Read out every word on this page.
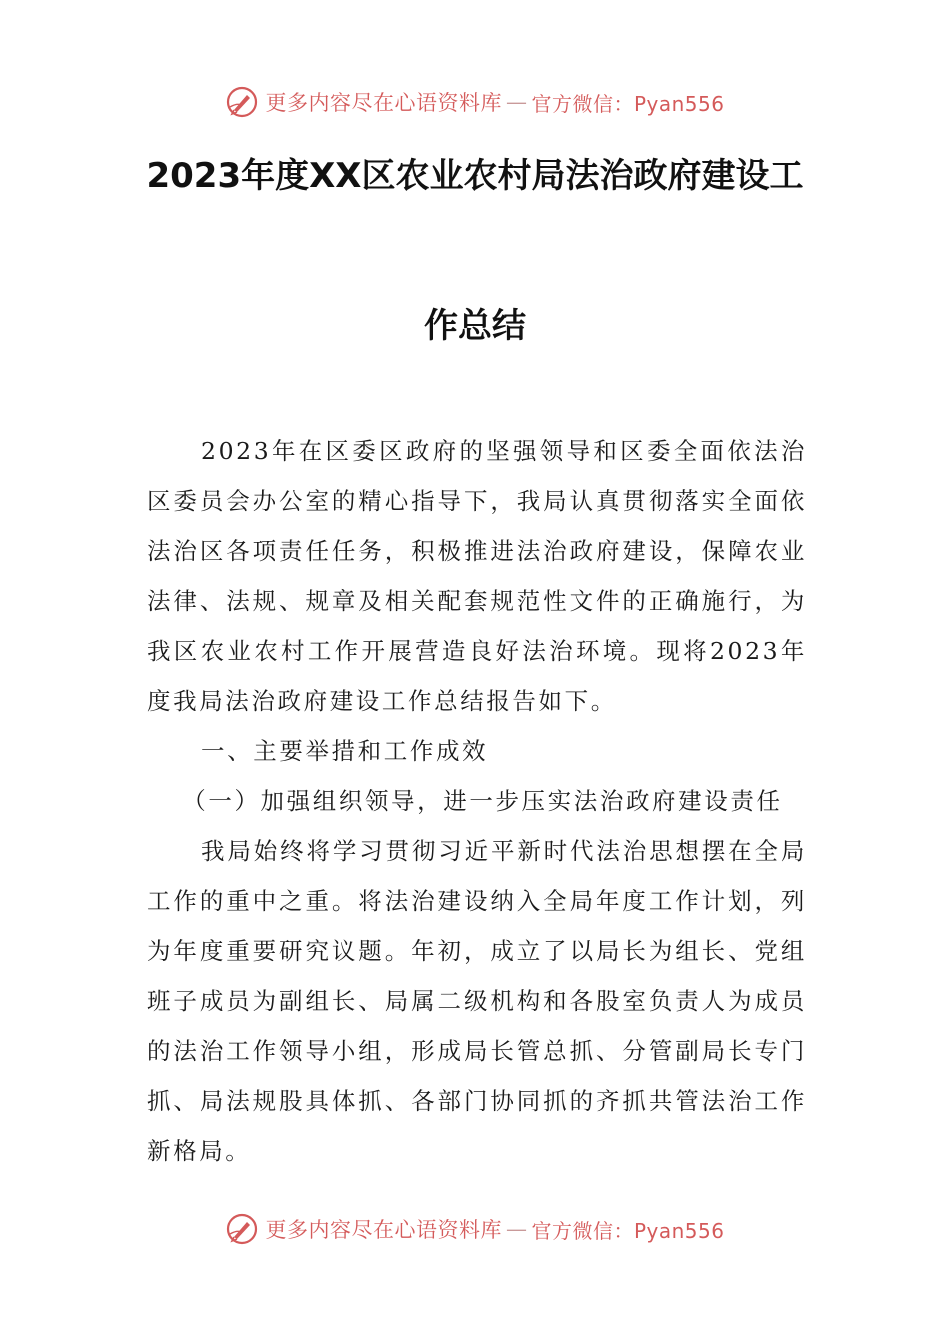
更多内容尽在心语资料库 — 官方微信：Pyan556
2023年度XX区农业农村局法治政府建设工
作总结

2023年在区委区政府的坚强领导和区委全面依法治区委员会办公室的精心指导下，我局认真贯彻落实全面依法治区各项责任任务，积极推进法治政府建设，保障农业法律、法规、规章及相关配套规范性文件的正确施行，为我区农业农村工作开展营造良好法治环境。现将2023年度我局法治政府建设工作总结报告如下。

一、主要举措和工作成效

（一）加强组织领导，进一步压实法治政府建设责任

我局始终将学习贯彻习近平新时代法治思想摆在全局工作的重中之重。将法治建设纳入全局年度工作计划，列为年度重要研究议题。年初，成立了以局长为组长、党组班子成员为副组长、局属二级机构和各股室负责人为成员的法治工作领导小组，形成局长管总抓、分管副局长专门抓、局法规股具体抓、各部门协同抓的齐抓共管法治工作新格局。

更多内容尽在心语资料库 — 官方微信：Pyan556
